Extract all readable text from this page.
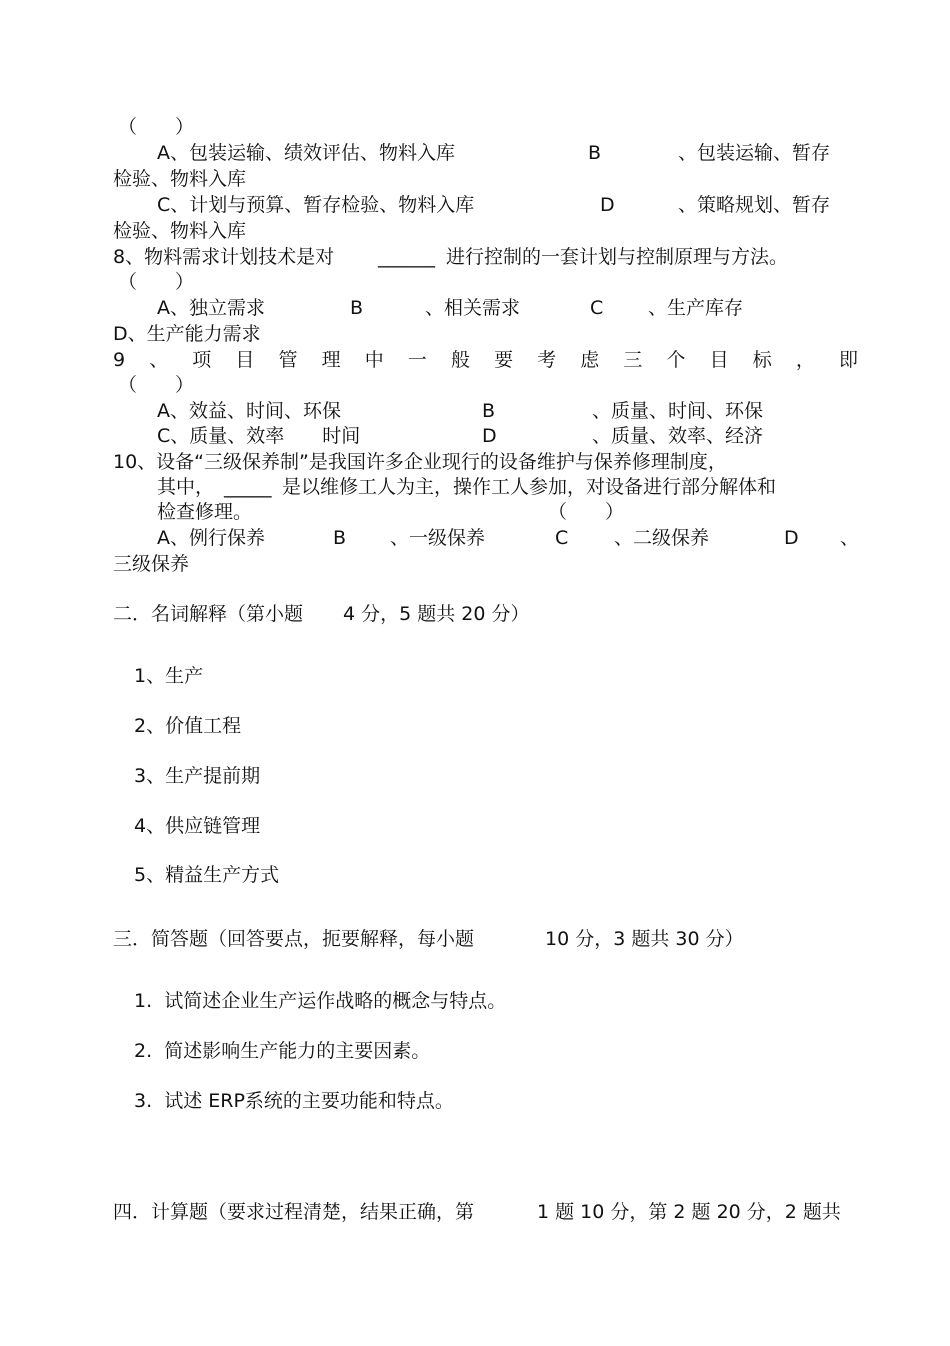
（　　）
A、包装运输、绩效评估、物料入库	B	、包装运输、暂存
检验、物料入库
C、计划与预算、暂存检验、物料入库	D	、策略规划、暂存
检验、物料入库
8、物料需求计划技术是对 ______ 进行控制的一套计划与控制原理与方法。
（　　）
A、独立需求	B	、相关需求	C 、生产库存
D、生产能力需求
9 、 项 目 管 理 中 一 般 要 考 虑 三 个 目 标 ， 即
（　　）
A、效益、时间、环保	B	、质量、时间、环保
C、质量、效率　　时间	D	、质量、效率、经济
10、设备“三级保养制”是我国许多企业现行的设备维护与保养修理制度，
其中， _____ 是以维修工人为主，操作工人参加，对设备进行部分解体和
检查修理。	（　　）
A、例行保养	B 、一级保养	C 、二级保养	D 、
三级保养
二．名词解释（第小题 4 分，5 题共 20 分）
1、生产
2、价值工程
3、生产提前期
4、供应链管理
5、精益生产方式
三．简答题（回答要点，扼要解释，每小题	10 分，3 题共 30 分）
1.  试简述企业生产运作战略的概念与特点。
2.  简述影响生产能力的主要因素。
3.  试述 ERP系统的主要功能和特点。
四．计算题（要求过程清楚，结果正确，第	1 题 10 分，第 2 题 20 分，2 题共
